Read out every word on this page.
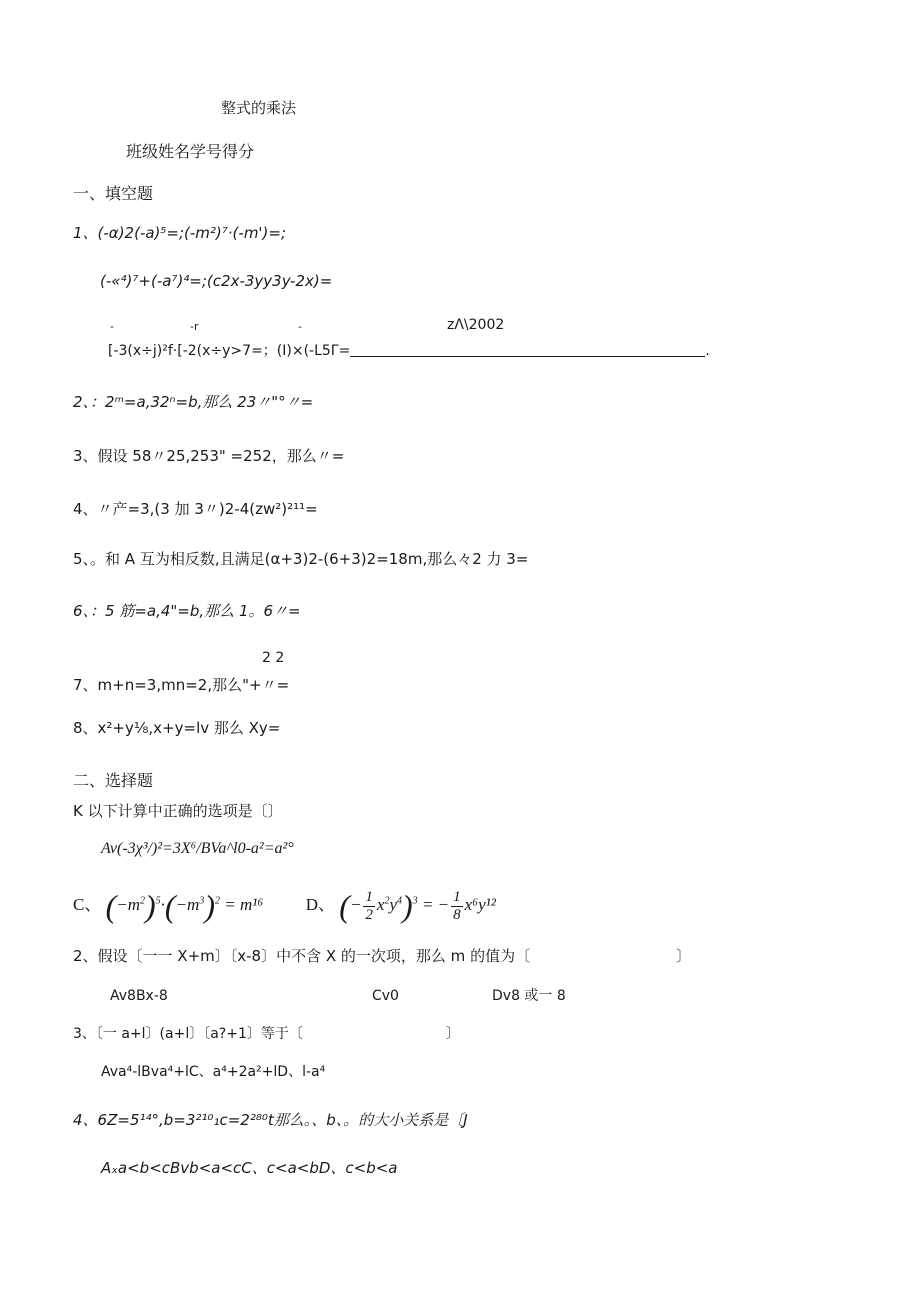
整式的乘法
班级姓名学号得分
一、填空题
1、(-α)2(-a)⁵=;(-m²)⁷·(-m')=;
(-«⁴)⁷+(-a⁷)⁴=;(c2x-3yy3y-2x)=
-	-r	-	zΛ\2002
[-3(x÷j)²f·[-2(x÷y>7=；(I)×(-L5Γ=	.
2、：2ᵐ=a,32ⁿ=b,那么 23〃"°〃=
3、假设 58〃25,253" =252，那么〃=
4、〃产=3,(3 加 3〃)2-4(zw²)²¹¹=
5、。和 A 互为相反数,且满足(α+3)2-(6+3)2=18m,那么々2 力 3=
6、：5 筋=a,4"=b,那么 1。6〃=
2 2
7、m+n=3,mn=2,那么"+〃=
8、x²+y⅛,x+y=lv 那么 Xy=
二、选择题
K 以下计算中正确的选项是〔〕
Av(-3χ³/)²=3X⁶/BVa^l0-a²=a²°
C、 $(-m^2)^5\cdot(-m^3)^2 = m^{16}$	D、 (− $\frac{1}{2} x^2y^4)^3$ = − $\frac{1}{8} x^6y^{12}$
2、假设〔一一 X+m〕〔x-8〕中不含 X 的一次项，那么 m 的值为〔	〕
Av8Bx-8	Cv0	Dv8 或一 8
3、〔一 a+l〕(a+l〕〔a?+1〕等于〔	〕
Ava⁴-lBva⁴+lC、a⁴+2a²+lD、l-a⁴
4、6Z=5¹⁴°,b=3²¹⁰₁c=2²⁸⁰t那么。、b、。的大小关系是〔J
Aₓa<b<cBvb<a<cC、c<a<bD、c<b<a
